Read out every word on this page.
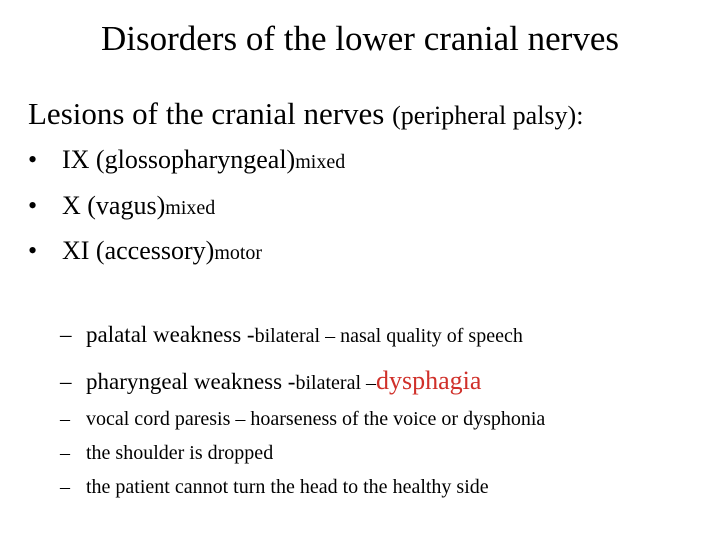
Disorders of the lower cranial nerves
Lesions of the cranial nerves (peripheral palsy):
• IX (glossopharyngeal) mixed
• X (vagus) mixed
• XI (accessory) motor
– palatal weakness - bilateral – nasal quality of speech
– pharyngeal weakness - bilateral – dysphagia
– vocal cord paresis – hoarseness of the voice or dysphonia
– the shoulder is dropped
– the patient cannot turn the head to the healthy side
